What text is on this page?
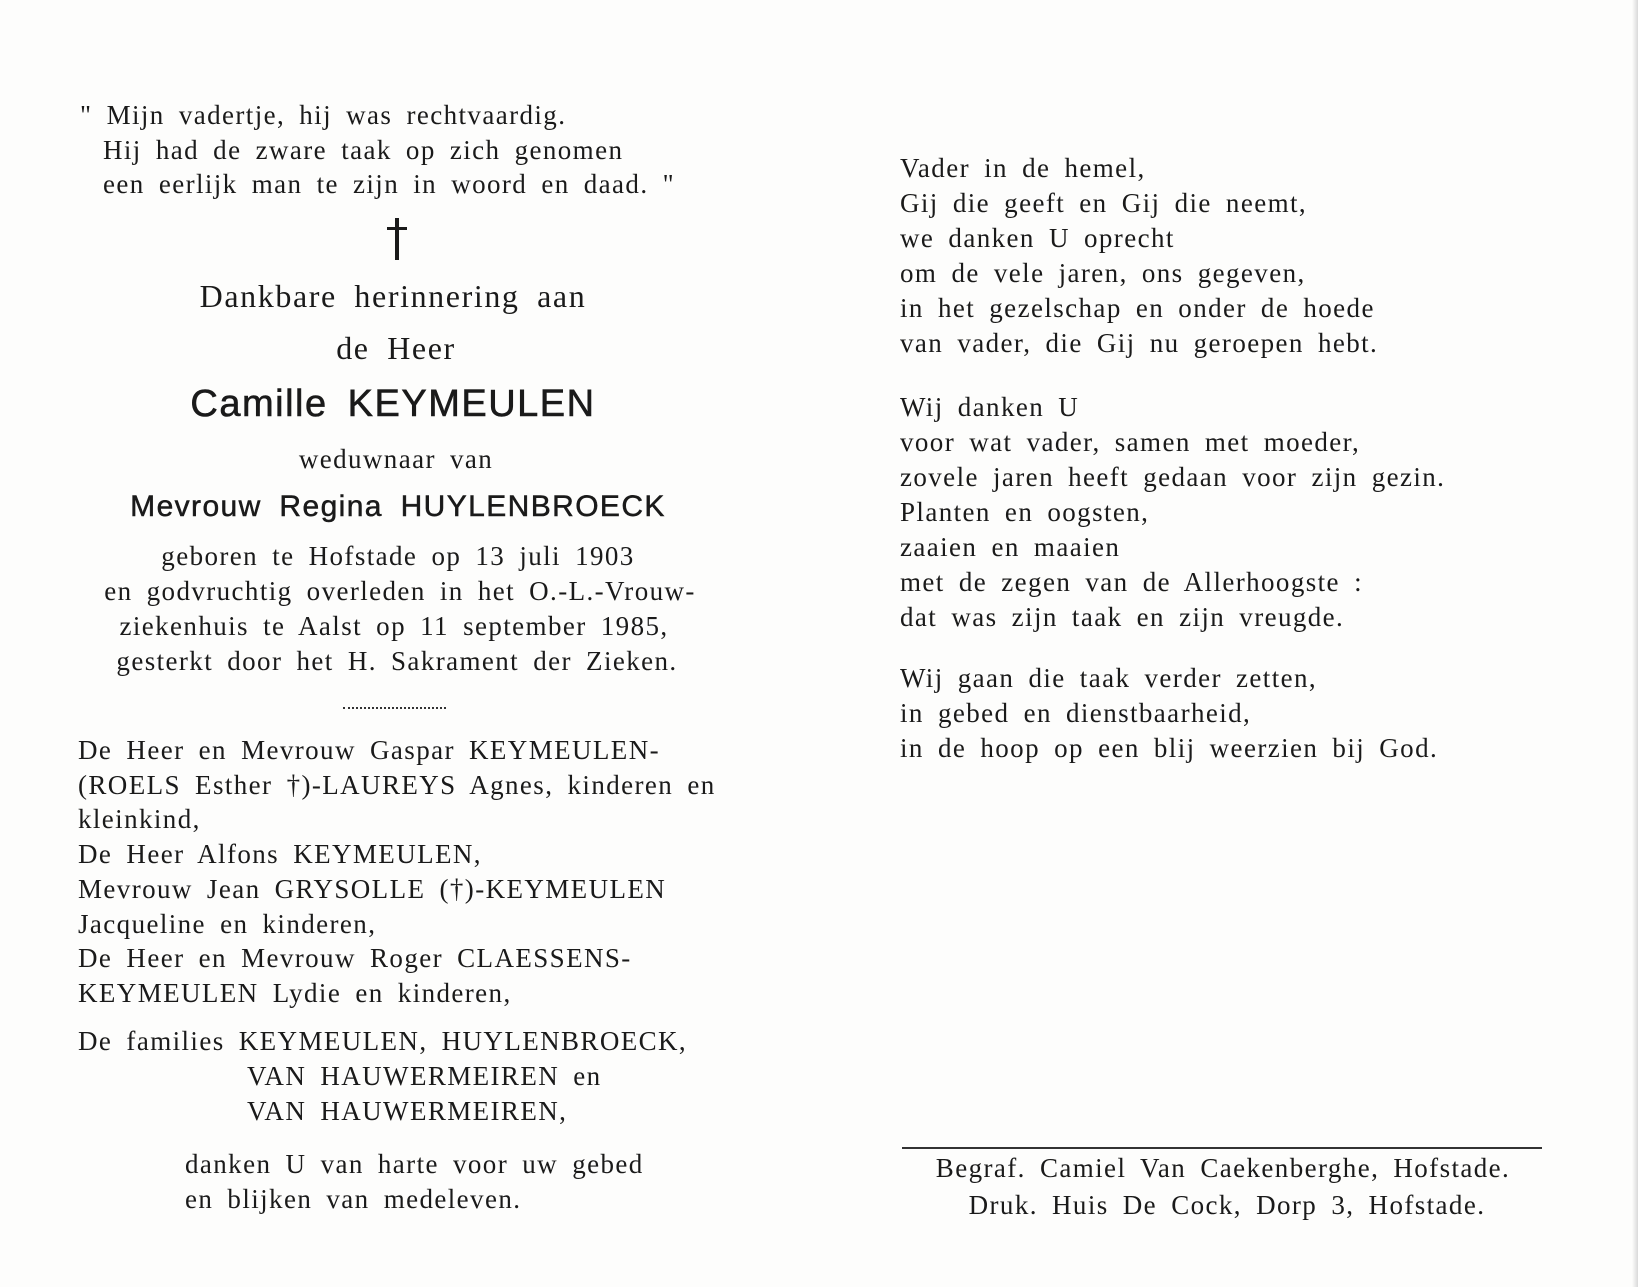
" Mijn vadertje, hij was rechtvaardig.
Hij had de zware taak op zich genomen
een eerlijk man te zijn in woord en daad. "
Dankbare herinnering aan
de Heer
Camille KEYMEULEN
weduwnaar van
Mevrouw Regina HUYLENBROECK
geboren te Hofstade op 13 juli 1903
en godvruchtig overleden in het O.-L.-Vrouw-
ziekenhuis te Aalst op 11 september 1985,
gesterkt door het H. Sakrament der Zieken.
De Heer en Mevrouw Gaspar KEYMEULEN-
(ROELS Esther †)-LAUREYS Agnes, kinderen en
kleinkind,
De Heer Alfons KEYMEULEN,
Mevrouw Jean GRYSOLLE (†)-KEYMEULEN
Jacqueline en kinderen,
De Heer en Mevrouw Roger CLAESSENS-
KEYMEULEN Lydie en kinderen,
De families KEYMEULEN, HUYLENBROECK,
VAN HAUWERMEIREN en
VAN HAUWERMEIREN,
danken U van harte voor uw gebed
en blijken van medeleven.
Vader in de hemel,
Gij die geeft en Gij die neemt,
we danken U oprecht
om de vele jaren, ons gegeven,
in het gezelschap en onder de hoede
van vader, die Gij nu geroepen hebt.
Wij danken U
voor wat vader, samen met moeder,
zovele jaren heeft gedaan voor zijn gezin.
Planten en oogsten,
zaaien en maaien
met de zegen van de Allerhoogste :
dat was zijn taak en zijn vreugde.
Wij gaan die taak verder zetten,
in gebed en dienstbaarheid,
in de hoop op een blij weerzien bij God.
Begraf. Camiel Van Caekenberghe, Hofstade.
Druk. Huis De Cock, Dorp 3, Hofstade.
